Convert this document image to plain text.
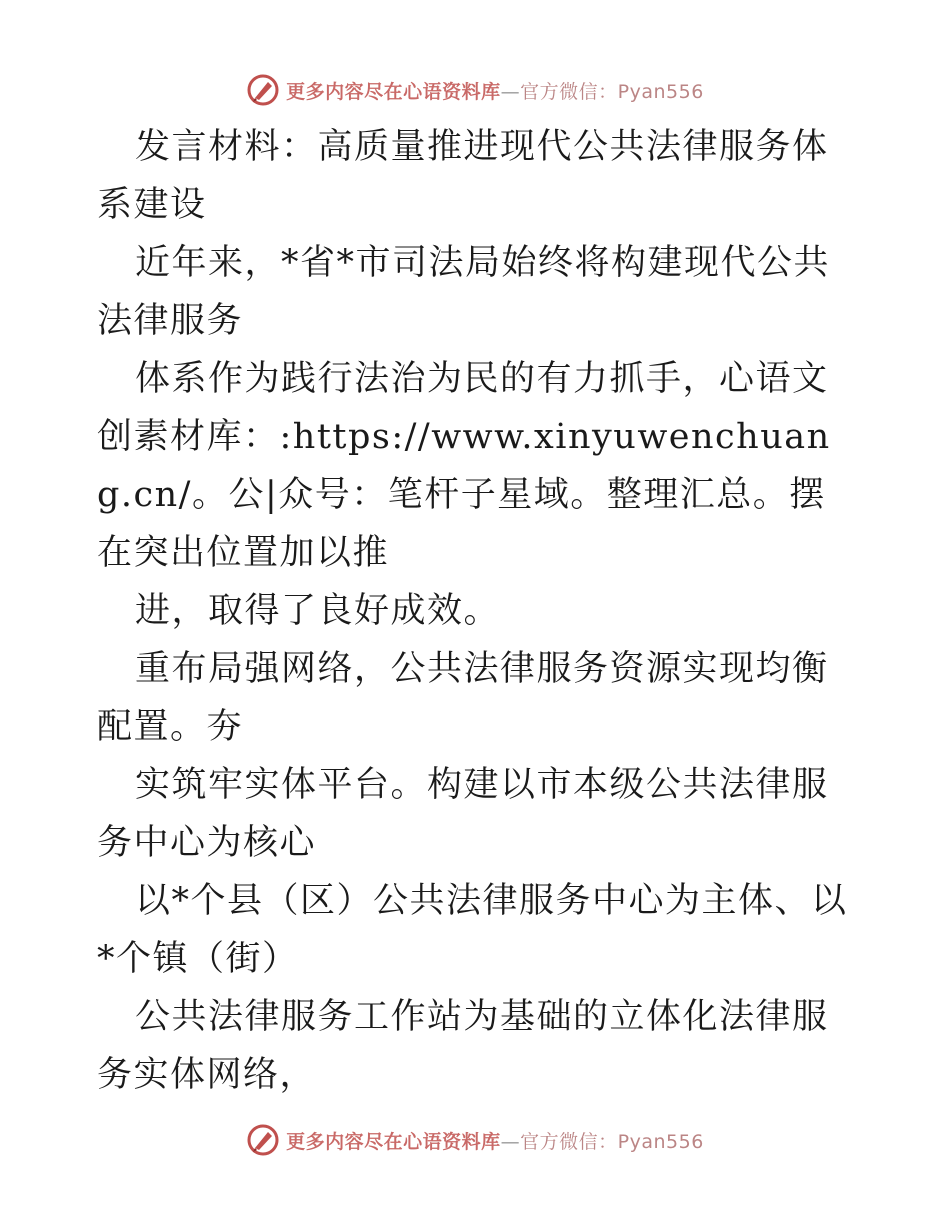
更多内容尽在心语资料库—官方微信：Pyan556

发言材料：高质量推进现代公共法律服务体系建设

近年来，*省*市司法局始终将构建现代公共法律服务

体系作为践行法治为民的有力抓手，心语文创素材库：:https://www.xinyuwenchuang.cn/。公|众号：笔杆子星域。整理汇总。摆在突出位置加以推

进，取得了良好成效。

重布局强网络，公共法律服务资源实现均衡配置。夯

实筑牢实体平台。构建以市本级公共法律服务中心为核心

以*个县（区）公共法律服务中心为主体、以*个镇（街）

公共法律服务工作站为基础的立体化法律服务实体网络，

更多内容尽在心语资料库—官方微信：Pyan556
